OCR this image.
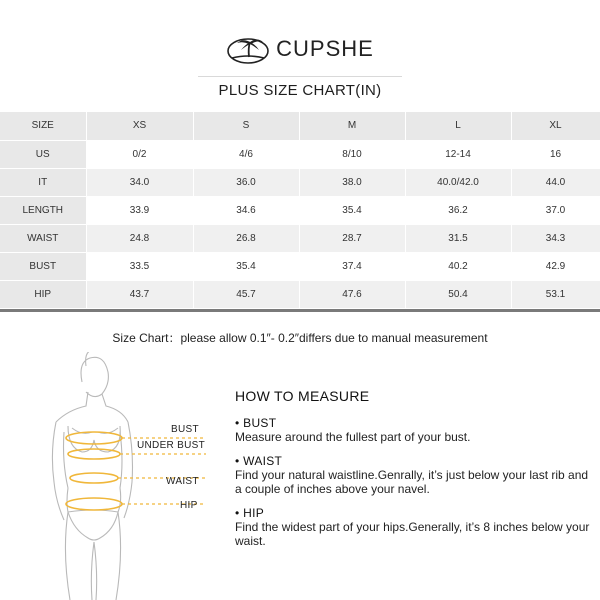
CUPSHE
PLUS SIZE CHART(IN)
SIZE	XS	S	M	L	XL
US	0/2	4/6	8/10	12-14	16
IT	34.0	36.0	38.0	40.0/42.0	44.0
LENGTH	33.9	34.6	35.4	36.2	37.0
WAIST	24.8	26.8	28.7	31.5	34.3
BUST	33.5	35.4	37.4	40.2	42.9
HIP	43.7	45.7	47.6	50.4	53.1
Size Chart：please allow 0.1″- 0.2″differs due to manual measurement
BUST
UNDER BUST
WAIST
HIP
HOW TO MEASURE
• BUST
Measure around the fullest part of your bust.
• WAIST
Find your natural waistline.Genrally, it’s just below your last rib and a couple of inches above your navel.
• HIP
Find the widest part of your hips.Generally, it’s 8 inches below your waist.
